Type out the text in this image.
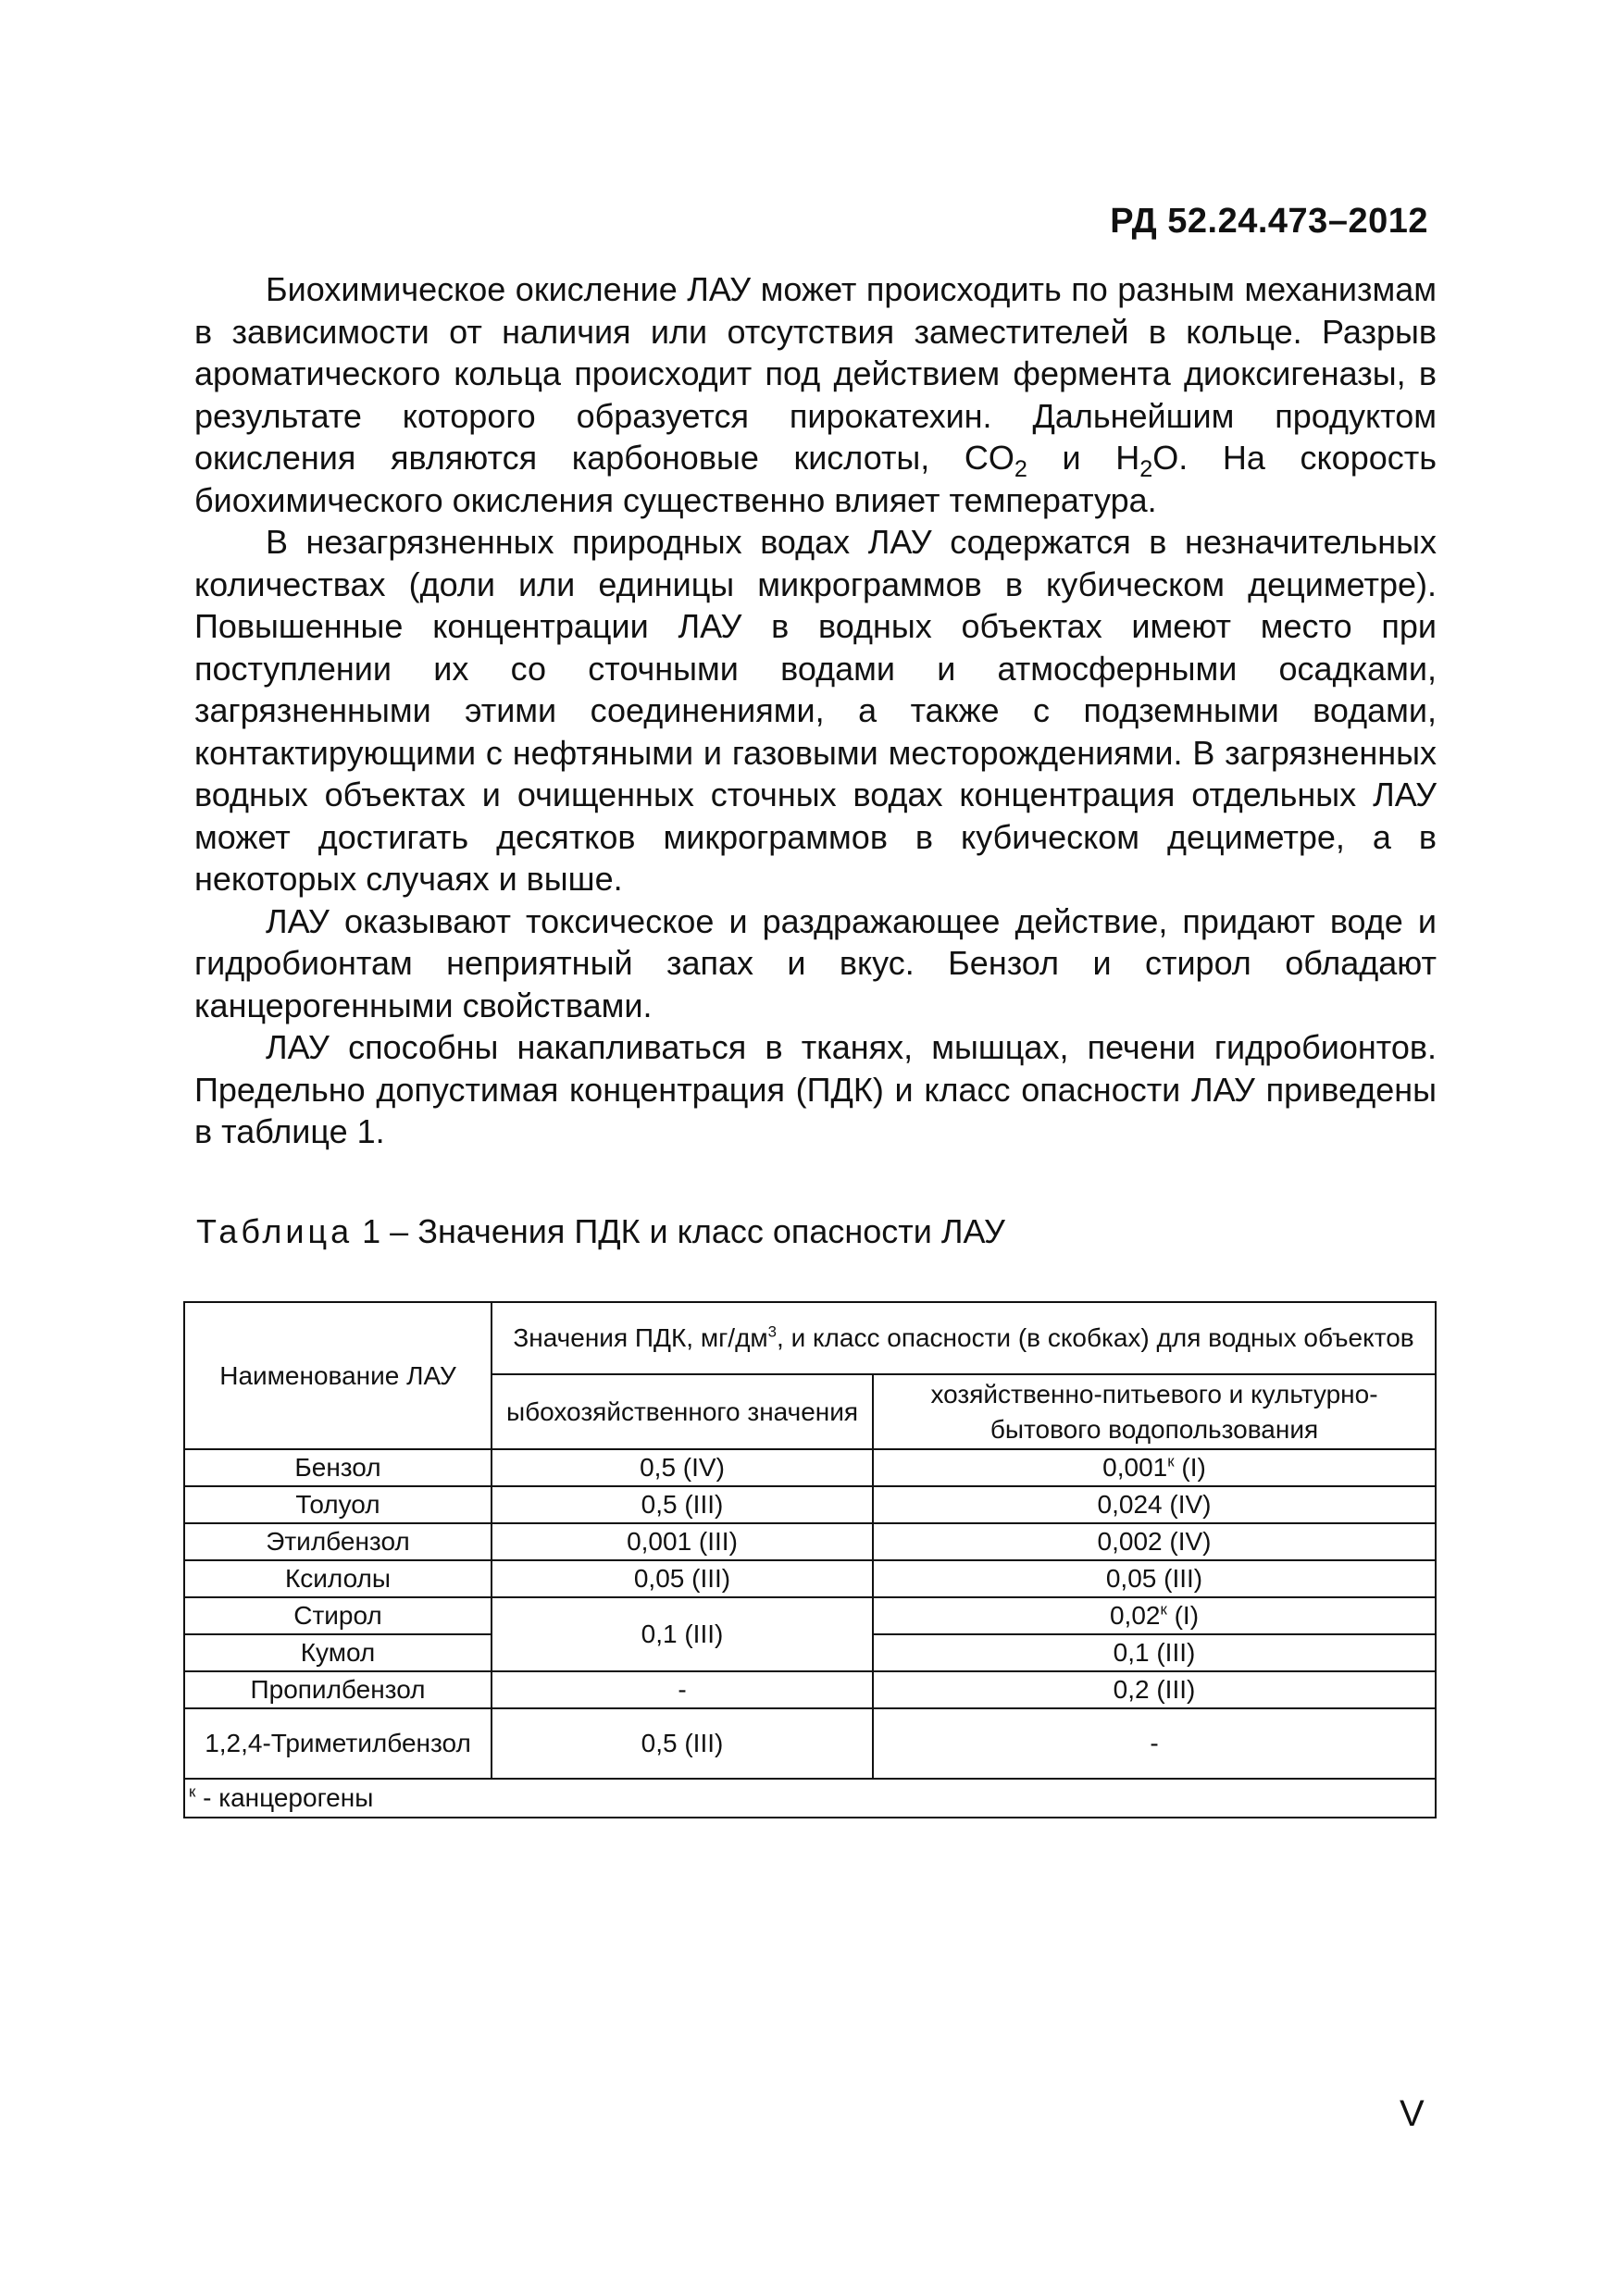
РД 52.24.473–2012

Биохимическое окисление ЛАУ может происходить по разным механизмам в зависимости от наличия или отсутствия заместителей в кольце. Разрыв ароматического кольца происходит под действием фермента диоксигеназы, в результате которого образуется пирокатехин. Дальнейшим продуктом окисления являются карбоновые кислоты, $CO_2$ и $H_2O$. На скорость биохимического окисления существенно влияет температура.

В незагрязненных природных водах ЛАУ содержатся в незначительных количествах (доли или единицы микрограммов в кубическом дециметре). Повышенные концентрации ЛАУ в водных объектах имеют место при поступлении их со сточными водами и атмосферными осадками, загрязненными этими соединениями, а также с подземными водами, контактирующими с нефтяными и газовыми месторождениями. В загрязненных водных объектах и очищенных сточных водах концентрация отдельных ЛАУ может достигать десятков микрограммов в кубическом дециметре, а в некоторых случаях и выше.

ЛАУ оказывают токсическое и раздражающее действие, придают воде и гидробионтам неприятный запах и вкус. Бензол и стирол обладают канцерогенными свойствами.

ЛАУ способны накапливаться в тканях, мышцах, печени гидробионтов. Предельно допустимая концентрация (ПДК) и класс опасности ЛАУ приведены в таблице 1.

Таблица 1 – Значения ПДК и класс опасности ЛАУ
Наименование ЛАУ	Значения ПДК, $мг/дм^3$, и класс опасности (в скобках) для водных объектов	
	ыбохозяйственного значения	хозяйственно-питьевого и культурно-бытового водопользования
Бензол	0,5 (IV)	$0,001^к$ (I)
Толуол	0,5 (III)	0,024 (IV)
Этилбензол	0,001 (III)	0,002 (IV)
Ксилолы	0,05 (III)	0,05 (III)
Стирол	0,1 (III)	$0,02^к$ (I)
Кумол		0,1 (III)
Пропилбензол	-	0,2 (III)
1,2,4-Триметилбензол	0,5 (III)	-
$^к$ - канцерогены		
V
